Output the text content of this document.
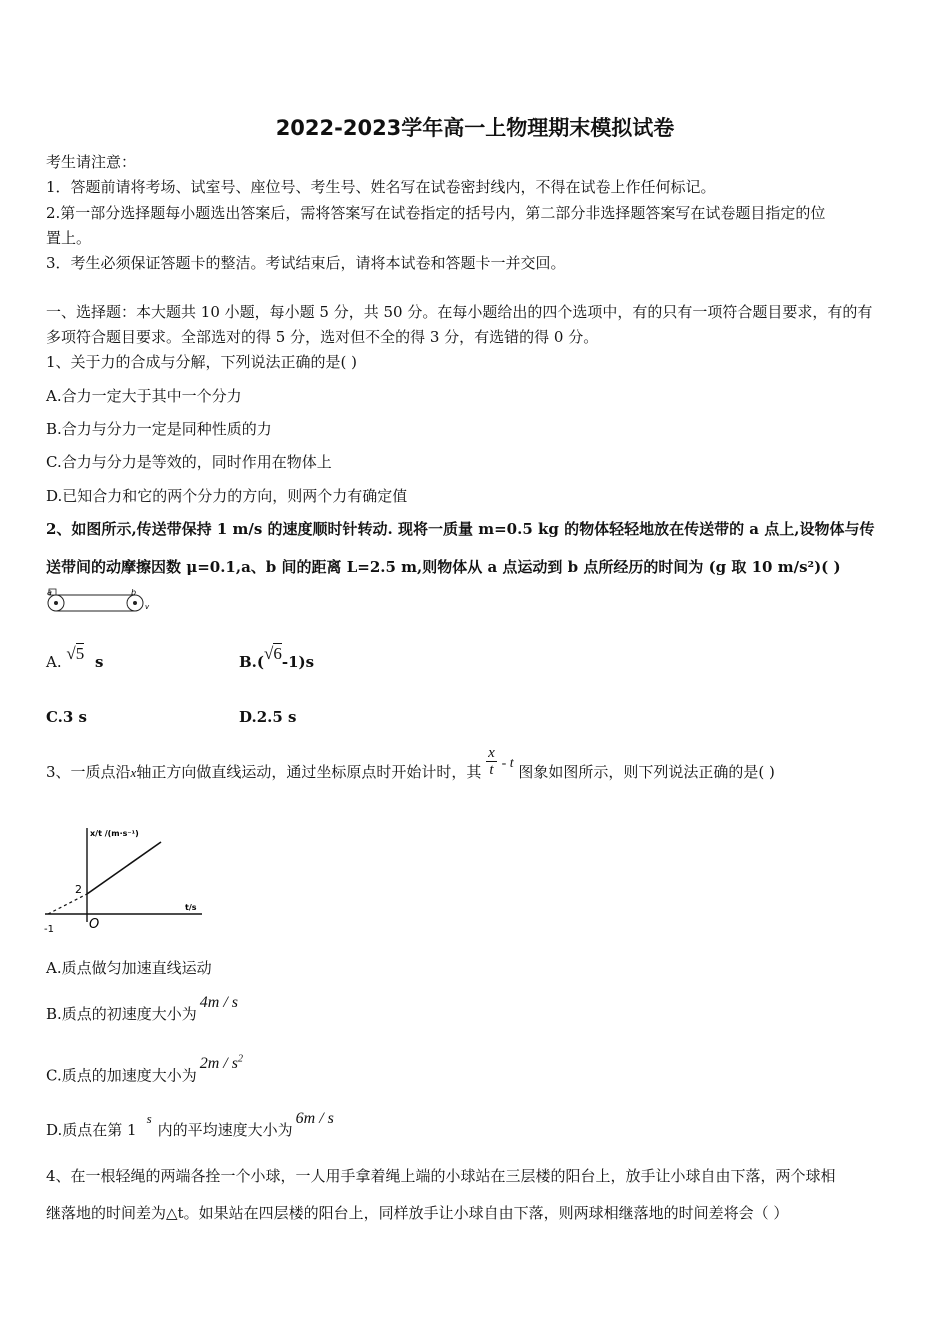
2022-2023学年高一上物理期末模拟试卷
考生请注意：
1．答题前请将考场、试室号、座位号、考生号、姓名写在试卷密封线内，不得在试卷上作任何标记。
2.第一部分选择题每小题选出答案后，需将答案写在试卷指定的括号内，第二部分非选择题答案写在试卷题目指定的位
置上。
3．考生必须保证答题卡的整洁。考试结束后，请将本试卷和答题卡一并交回。
一、选择题：本大题共 10 小题，每小题 5 分，共 50 分。在每小题给出的四个选项中，有的只有一项符合题目要求，有的有
多项符合题目要求。全部选对的得 5 分，选对但不全的得 3 分，有选错的得 0 分。
1、关于力的合成与分解，下列说法正确的是( )
A.合力一定大于其中一个分力
B.合力与分力一定是同种性质的力
C.合力与分力是等效的，同时作用在物体上
D.已知合力和它的两个分力的方向，则两个力有确定值
2、如图所示,传送带保持 1 m/s 的速度顺时针转动. 现将一质量 m=0.5 kg 的物体轻轻地放在传送带的 a 点上,设物体与传
送带间的动摩擦因数 μ=0.1,a、b 间的距离 L=2.5 m,则物体从 a 点运动到 b 点所经历的时间为 (g 取 10 m/s²)( )
a	b
v
A. √5 s	B.(√6-1)s
C.3 s	D.2.5 s
3、一质点沿x轴正方向做直线运动，通过坐标原点时开始计时，其 $\frac{x}{t}$ - t 图象如图所示，则下列说法正确的是( )
x/t /(m·s⁻¹)
t/s
2
-1	O
A.质点做匀加速直线运动
B.质点的初速度大小为4m / s
C.质点的加速度大小为$2m / s^2$
D.质点在第 1s内的平均速度大小为6m / s
4、在一根轻绳的两端各拴一个小球，一人用手拿着绳上端的小球站在三层楼的阳台上，放手让小球自由下落，两个球相
继落地的时间差为△t。如果站在四层楼的阳台上，同样放手让小球自由下落，则两球相继落地的时间差将会（ ）
